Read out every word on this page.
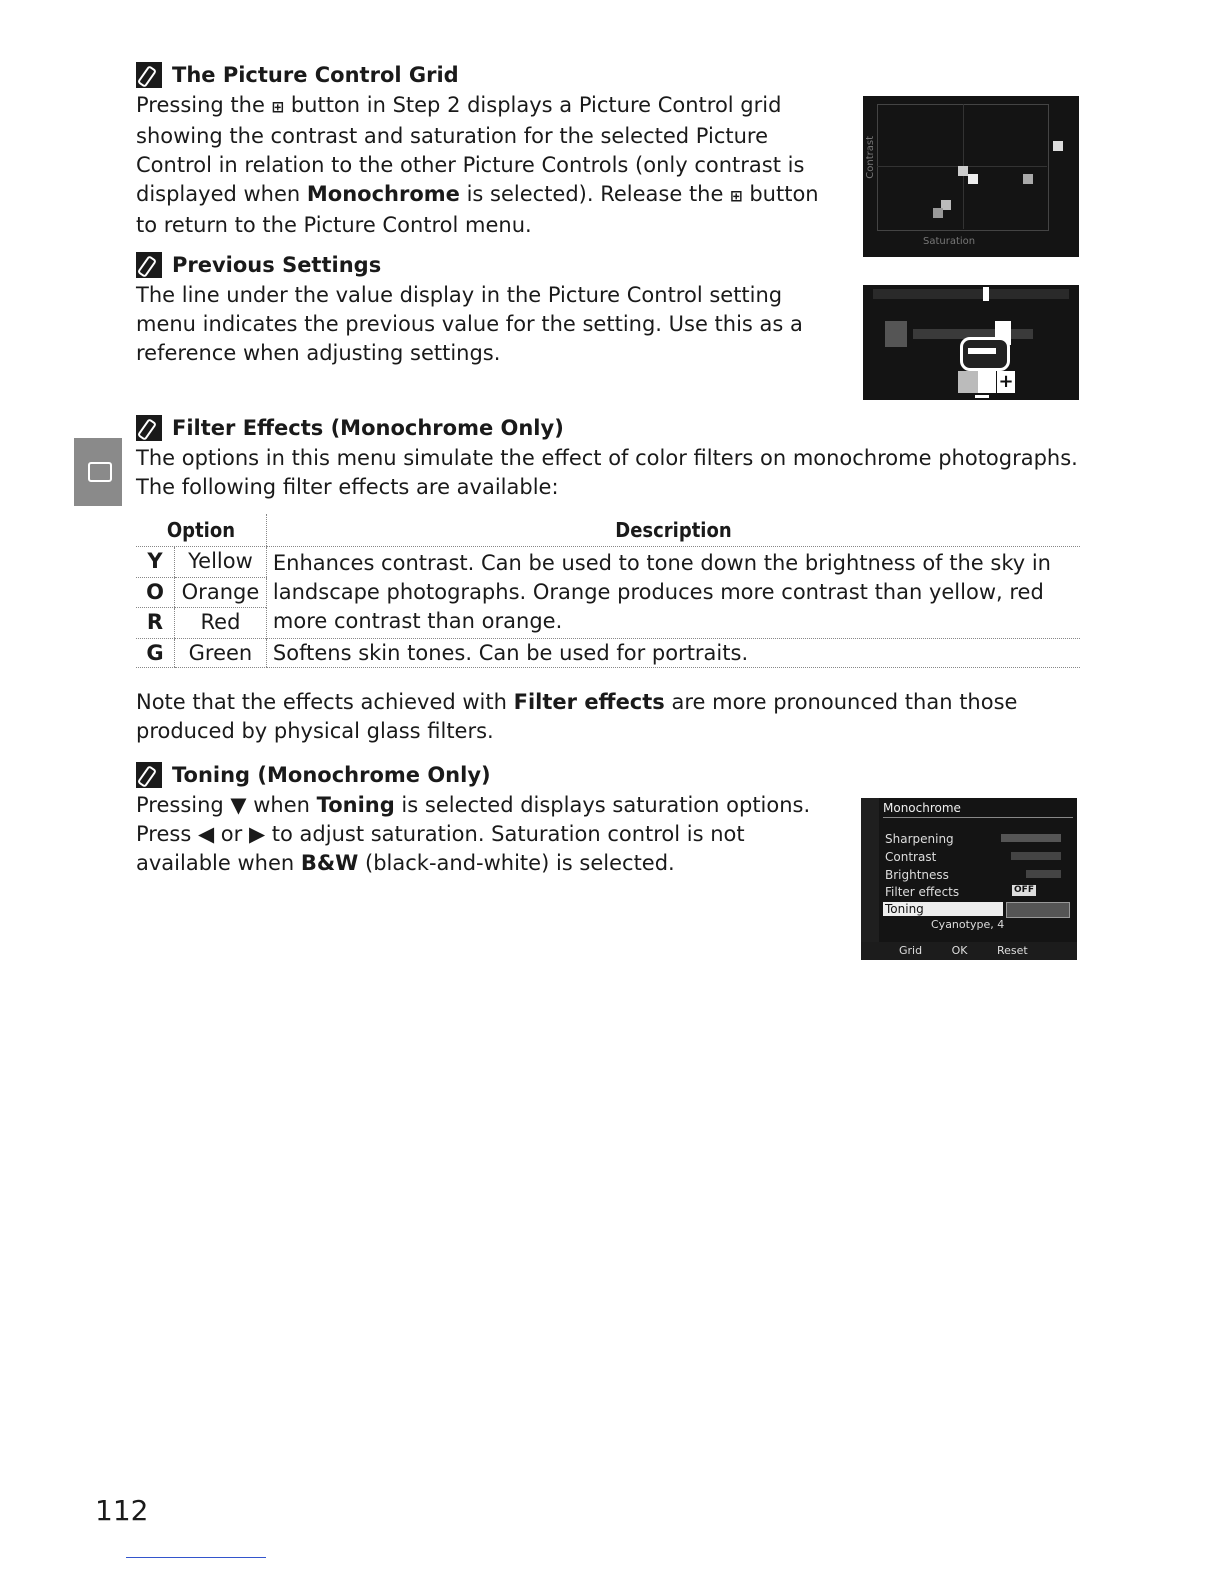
The Picture Control Grid
Pressing the ⊞ button in Step 2 displays a Picture Control grid showing the contrast and saturation for the selected Picture Control in relation to the other Picture Controls (only contrast is displayed when Monochrome is selected). Release the ⊞ button to return to the Picture Control menu.
Contrast
Saturation
Previous Settings
The line under the value display in the Picture Control setting menu indicates the previous value for the setting. Use this as a reference when adjusting settings.
+
Filter Effects (Monochrome Only)
The options in this menu simulate the effect of color filters on monochrome photographs. The following filter effects are available:
Option		Description
Y	Yellow	Enhances contrast. Can be used to tone down the brightness of the sky in landscape photographs. Orange produces more contrast than yellow, red more contrast than orange.
O	Orange	
R	Red	
G	Green	Softens skin tones. Can be used for portraits.
Note that the effects achieved with Filter effects are more pronounced than those produced by physical glass filters.
Toning (Monochrome Only)
Pressing ▼ when Toning is selected displays saturation options. Press ◀ or ▶ to adjust saturation. Saturation control is not available when B&W (black-and-white) is selected.
Monochrome
Sharpening
Contrast
Brightness
Filter effects
Toning
OFF
Cyanotype, 4
Grid	OK	Reset
112
